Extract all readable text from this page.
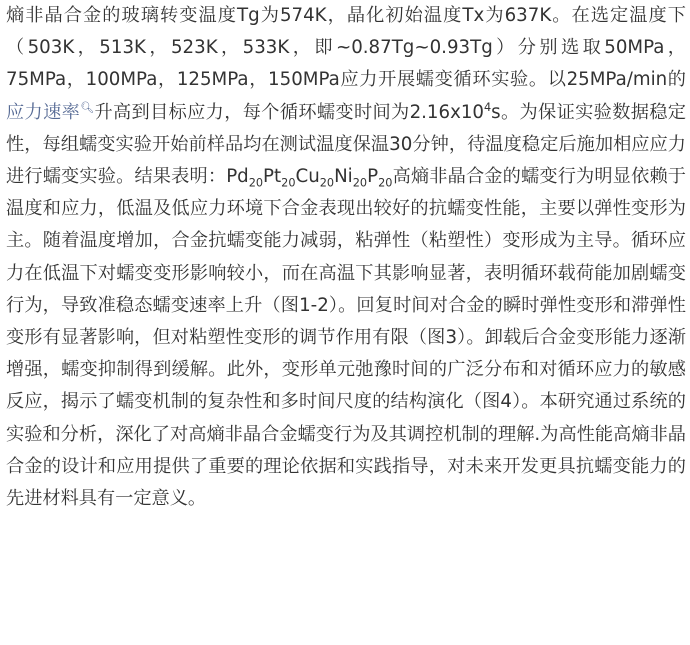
熵非晶合金的玻璃转变温度Tg为574K，晶化初始温度Tx为637K。在选定温度下（503K，513K，523K，533K，即~0.87Tg~0.93Tg）分别选取50MPa，75MPa，100MPa，125MPa，150MPa应力开展蠕变循环实验。以25MPa/min的应力速率🔍︎升高到目标应力，每个循环蠕变时间为$2.16x10^4s$。为保证实验数据稳定性，每组蠕变实验开始前样品均在测试温度保温30分钟，待温度稳定后施加相应应力进行蠕变实验。结果表明：$Pd_{20}Pt_{20}Cu_{20}Ni_{20}P_{20}$高熵非晶合金的蠕变行为明显依赖于温度和应力，低温及低应力环境下合金表现出较好的抗蠕变性能，主要以弹性变形为主。随着温度增加，合金抗蠕变能力减弱，粘弹性（粘塑性）变形成为主导。循环应力在低温下对蠕变变形影响较小，而在高温下其影响显著，表明循环载荷能加剧蠕变行为，导致准稳态蠕变速率上升（图1-2）。回复时间对合金的瞬时弹性变形和滞弹性变形有显著影响，但对粘塑性变形的调节作用有限（图3）。卸载后合金变形能力逐渐增强，蠕变抑制得到缓解。此外，变形单元弛豫时间的广泛分布和对循环应力的敏感反应，揭示了蠕变机制的复杂性和多时间尺度的结构演化（图4）。本研究通过系统的实验和分析，深化了对高熵非晶合金蠕变行为及其调控机制的理解.为高性能高熵非晶合金的设计和应用提供了重要的理论依据和实践指导，对未来开发更具抗蠕变能力的先进材料具有一定意义。
